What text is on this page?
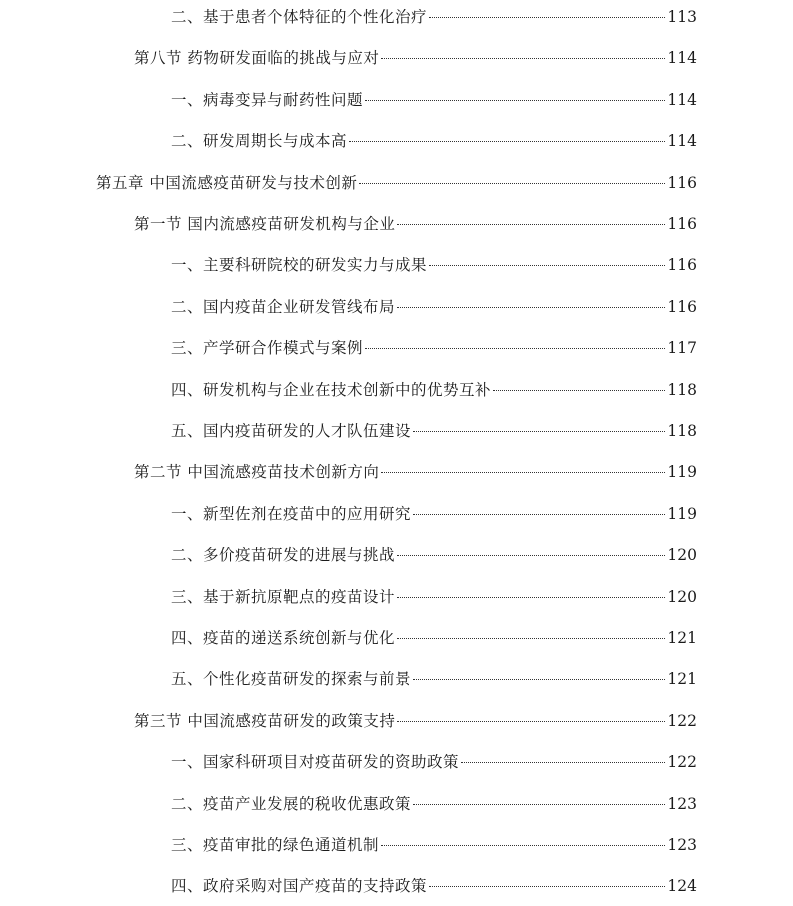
二、基于患者个体特征的个性化治疗	113
第八节 药物研发面临的挑战与应对	114
一、病毒变异与耐药性问题	114
二、研发周期长与成本高	114
第五章 中国流感疫苗研发与技术创新	116
第一节 国内流感疫苗研发机构与企业	116
一、主要科研院校的研发实力与成果	116
二、国内疫苗企业研发管线布局	116
三、产学研合作模式与案例	117
四、研发机构与企业在技术创新中的优势互补	118
五、国内疫苗研发的人才队伍建设	118
第二节 中国流感疫苗技术创新方向	119
一、新型佐剂在疫苗中的应用研究	119
二、多价疫苗研发的进展与挑战	120
三、基于新抗原靶点的疫苗设计	120
四、疫苗的递送系统创新与优化	121
五、个性化疫苗研发的探索与前景	121
第三节 中国流感疫苗研发的政策支持	122
一、国家科研项目对疫苗研发的资助政策	122
二、疫苗产业发展的税收优惠政策	123
三、疫苗审批的绿色通道机制	123
四、政府采购对国产疫苗的支持政策	124
